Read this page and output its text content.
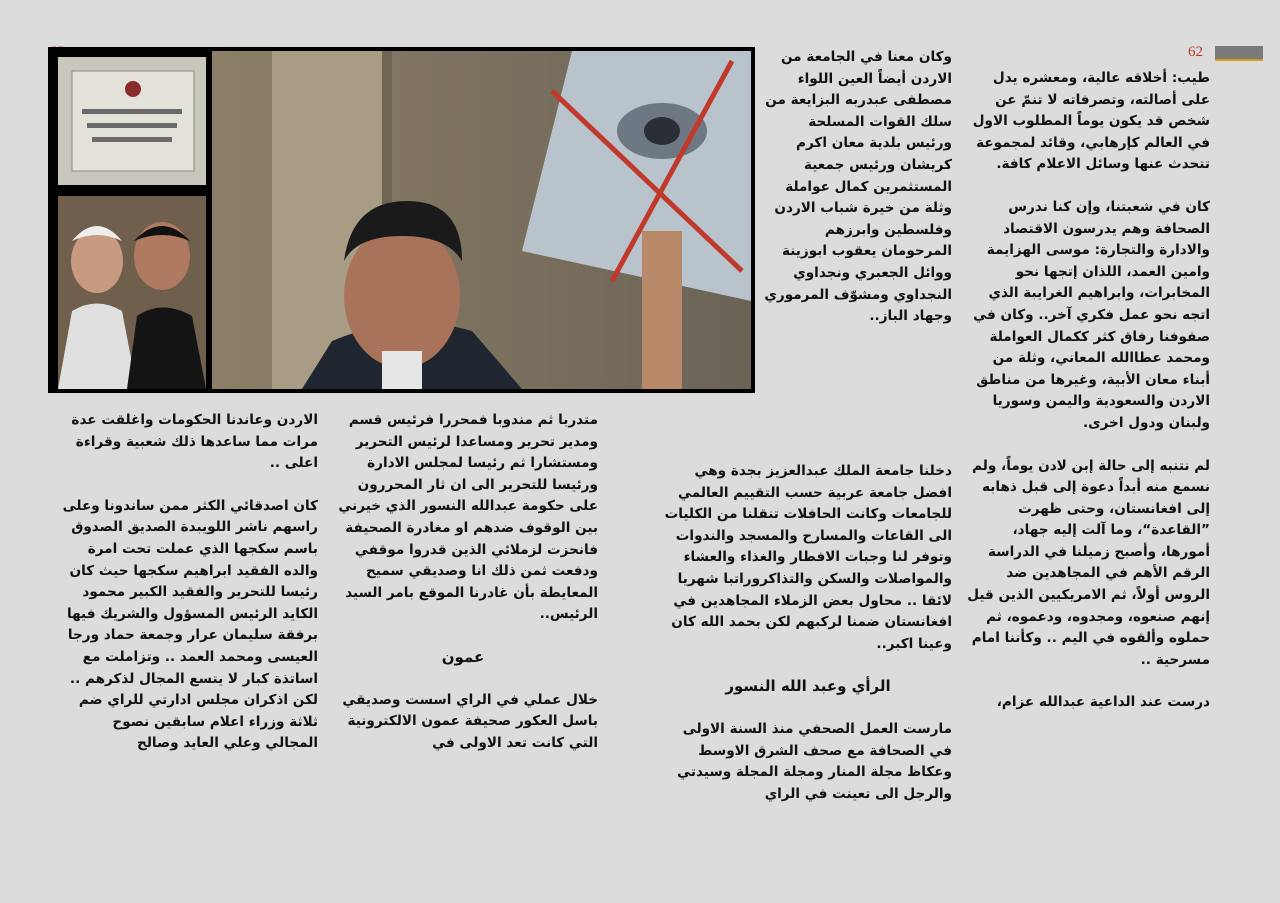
62

طيب: أخلاقه عالية، ومعشره يدل على أصالته، وتصرفاته لا تنمّ عن شخص قد يكون يوماً المطلوب الاول في العالم كإرهابي، وقائد لمجموعة تتحدث عنها وسائل الاعلام كافة.

كان في شعبتنا، وإن كنا ندرس الصحافة وهم يدرسون الاقتصاد والادارة والتجارة: موسى الهزايمة وامين العمد، اللذان إتجها نحو المخابرات، وابراهيم الغرايبة الذي اتجه نحو عمل فكري آخر.. وكان في صفوفنا رفاق كثر ككمال العواملة ومحمد عطاالله المعاني، وثلة من أبناء معان الأبية، وغيرها من مناطق الاردن والسعودية واليمن وسوريا ولبنان ودول اخرى.

لم نتنبه إلى حالة إبن لادن يوماً، ولم نسمع منه أبداً دعوة إلى قبل ذهابه إلى افغانستان، وحتى ظهرت ”القاعدة“، وما آلت إليه جهاد، أمورها، وأصبح زميلنا في الدراسة الرقم الأهم في المجاهدين ضد الروس أولاً، ثم الامريكيين الذين قيل إنهم صنعوه، ومجدوه، ودعموه، ثم حملوه وألقوه في اليم .. وكأننا امام مسرحية ..

درست عند الداعية عبدالله عزام،

وكان معنا في الجامعة من الاردن أيضاً العين اللواء مصطفى عبدربه البزايعة من سلك القوات المسلحة ورئيس بلدية معان اكرم كريشان ورئيس جمعية المستثمرين كمال عواملة وثلة من خيرة شباب الاردن وفلسطين وابرزهم المرحومان يعقوب ابوزينة ووائل الجعبري ونجداوي النجداوي ومشوّف المرموري وجهاد الباز..

دخلنا جامعة الملك عبدالعزيز بجدة وهي افضل جامعة عربية حسب التقييم العالمي للجامعات وكانت الحافلات تنقلنا من الكليات الى القاعات والمسارح والمسجد والندوات وتوفر لنا وجبات الافطار والغذاء والعشاء والمواصلات والسكن والتذاكروراتبا شهريا لائقا .. محاول بعض الزملاء المجاهدين في افغانستان ضمنا لركبهم لكن بحمد الله كان وعينا اكبر..

الرأي وعبد الله النسور

مارست العمل الصحفي منذ السنة الاولى في الصحافة مع صحف الشرق الاوسط وعكاظ مجلة المنار ومجلة المجلة وسيدتي والرجل الى تعينت في الراي

متدربا ثم مندوبا فمحررا فرئيس قسم ومدير تحرير ومساعدا لرئيس التحرير ومستشارا ثم رئيسا لمجلس الادارة ورئيسا للتحرير الى ان ثار المحررون على حكومة عبدالله النسور الذي خيرني بين الوقوف ضدهم او مغادرة الصحيفة فانحزت لزملائي الذين قدروا موقفي ودفعت ثمن ذلك انا وصديقي سميح المعايطة بأن غادرنا الموقع بامر السيد الرئيس..

عمون

خلال عملي في الراي اسست وصديقي باسل العكور صحيفة عمون الالكترونية التي كانت تعد الاولى في

الاردن وعاندنا الحكومات واغلقت عدة مرات مما ساعدها ذلك شعبية وقراءة اعلى ..

كان اصدقائي الكثر ممن ساندونا وعلى راسهم ناشر اللويبدة الصديق الصدوق باسم سكجها الذي عملت تحت امرة والده الفقيد ابراهيم سكجها حيث كان رئيسا للتحرير والفقيد الكبير محمود الكايد الرئيس المسؤول والشريك فيها برفقة سليمان عرار وجمعة حماد ورجا العيسى ومحمد العمد .. وتزاملت مع اساتذة كبار لا يتسع المجال لذكرهم .. لكن اذكران مجلس ادارتي للراي ضم ثلاثة وزراء اعلام سابقين نصوح المجالي وعلي العايد وصالح
